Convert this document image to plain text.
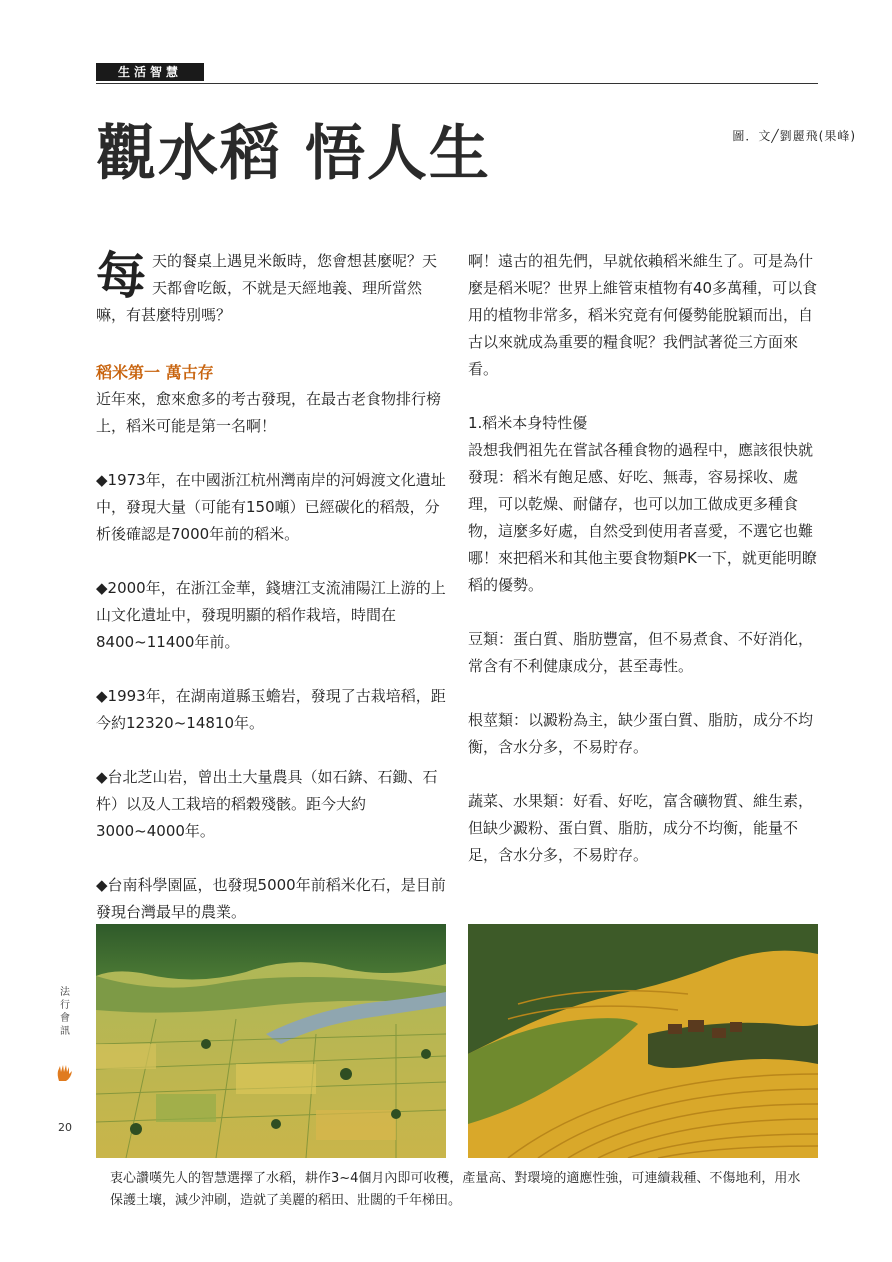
生活智慧
觀水稻 悟人生	圖．文╱劉麗飛(果峰)

每天的餐桌上遇見米飯時，您會想甚麼呢？天天都會吃飯，不就是天經地義、理所當然嘛，有甚麼特別嗎？

稻米第一 萬古存

近年來，愈來愈多的考古發現，在最古老食物排行榜上，稻米可能是第一名啊！

◆1973年，在中國浙江杭州灣南岸的河姆渡文化遺址中，發現大量（可能有150噸）已經碳化的稻殼，分析後確認是7000年前的稻米。

◆2000年，在浙江金華，錢塘江支流浦陽江上游的上山文化遺址中，發現明顯的稻作栽培，時間在8400~11400年前。

◆1993年，在湖南道縣玉蟾岩，發現了古栽培稻，距今約12320~14810年。

◆台北芝山岩，曾出土大量農具（如石錛、石鋤、石杵）以及人工栽培的稻穀殘骸。距今大約3000~4000年。

◆台南科學園區，也發現5000年前稻米化石，是目前發現台灣最早的農業。

啊！遠古的祖先們，早就依賴稻米維生了。可是為什麼是稻米呢？世界上維管束植物有40多萬種，可以食用的植物非常多，稻米究竟有何優勢能脫穎而出，自古以來就成為重要的糧食呢？我們試著從三方面來看。

1.稻米本身特性優

設想我們祖先在嘗試各種食物的過程中，應該很快就發現：稻米有飽足感、好吃、無毒，容易採收、處理，可以乾燥、耐儲存，也可以加工做成更多種食物，這麼多好處，自然受到使用者喜愛，不選它也難哪！來把稻米和其他主要食物類PK一下，就更能明瞭稻的優勢。

豆類：蛋白質、脂肪豐富，但不易煮食、不好消化，常含有不利健康成分，甚至毒性。

根莖類：以澱粉為主，缺少蛋白質、脂肪，成分不均衡，含水分多，不易貯存。

蔬菜、水果類：好看、好吃，富含礦物質、維生素，但缺少澱粉、蛋白質、脂肪，成分不均衡，能量不足，含水分多，不易貯存。

衷心讚嘆先人的智慧選擇了水稻，耕作3~4個月內即可收穫，產量高、對環境的適應性強，可連續栽種、不傷地利，用水保護土壤，減少沖刷，造就了美麗的稻田、壯闊的千年梯田。
法行會訊
20
